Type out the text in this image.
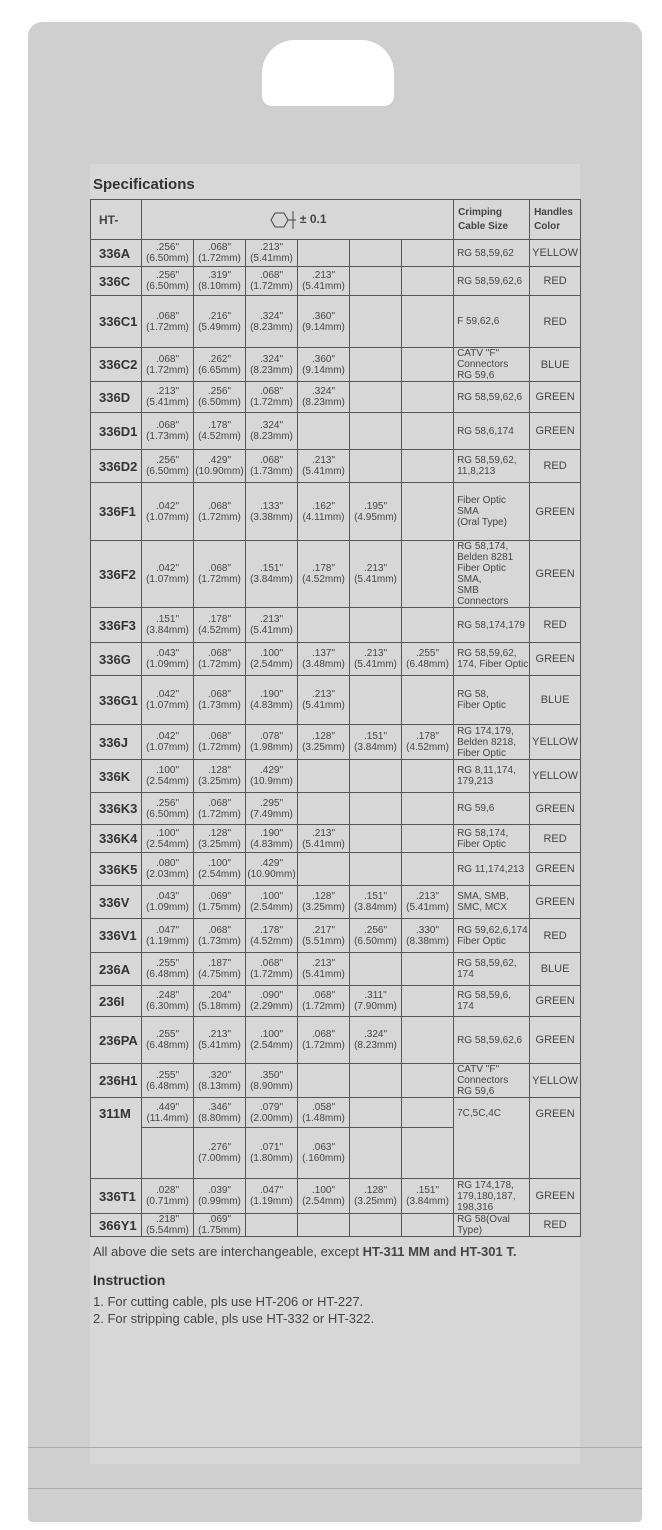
Specifications
HT-	± 0.1						Crimping
Cable Size	Handles
Color
336A	.256"
(6.50mm)	.068"
(1.72mm)	.213"
(5.41mm)				RG 58,59,62	YELLOW
336C	.256"
(6.50mm)	.319"
(8.10mm)	.068"
(1.72mm)	.213"
(5.41mm)			RG 58,59,62,6	RED
336C1	.068"
(1.72mm)	.216"
(5.49mm)	.324"
(8.23mm)	.360"
(9.14mm)			F 59,62,6	RED
336C2	.068"
(1.72mm)	.262"
(6.65mm)	.324"
(8.23mm)	.360"
(9.14mm)			CATV "F"
Connectors
RG 59,6	BLUE
336D	.213"
(5.41mm)	.256"
(6.50mm)	.068"
(1.72mm)	.324"
(8.23mm)			RG 58,59,62,6	GREEN
336D1	.068"
(1.73mm)	.178"
(4.52mm)	.324"
(8.23mm)				RG 58,6,174	GREEN
336D2	.256"
(6.50mm)	.429"
(10.90mm)	.068"
(1.73mm)	.213"
(5.41mm)			RG 58,59,62,
11,8,213	RED
336F1	.042"
(1.07mm)	.068"
(1.72mm)	.133"
(3.38mm)	.162"
(4.11mm)	.195"
(4.95mm)		Fiber Optic SMA
(Oral Type)	GREEN
336F2	.042"
(1.07mm)	.068"
(1.72mm)	.151"
(3.84mm)	.178"
(4.52mm)	.213"
(5.41mm)		RG 58,174,
Belden 8281
Fiber Optic SMA,
SMB Connectors	GREEN
336F3	.151"
(3.84mm)	.178"
(4.52mm)	.213"
(5.41mm)				RG 58,174,179	RED
336G	.043"
(1.09mm)	.068"
(1.72mm)	.100"
(2.54mm)	.137"
(3.48mm)	.213"
(5.41mm)	.255"
(6.48mm)	RG 58,59,62,
174, Fiber Optic	GREEN
336G1	.042"
(1.07mm)	.068"
(1.73mm)	.190"
(4.83mm)	.213"
(5.41mm)			RG 58,
Fiber Optic	BLUE
336J	.042"
(1.07mm)	.068"
(1.72mm)	.078"
(1.98mm)	.128"
(3.25mm)	.151"
(3.84mm)	.178"
(4.52mm)	RG 174,179,
Belden 8218,
Fiber Optic	YELLOW
336K	.100"
(2.54mm)	.128"
(3.25mm)	.429"
(10.9mm)				RG 8,11,174,
179,213	YELLOW
336K3	.256"
(6.50mm)	.068"
(1.72mm)	.295"
(7.49mm)				RG 59,6	GREEN
336K4	.100"
(2.54mm)	.128"
(3.25mm)	.190"
(4.83mm)	.213"
(5.41mm)			RG 58,174,
Fiber Optic	RED
336K5	.080"
(2.03mm)	.100"
(2.54mm)	.429"
(10.90mm)				RG 11,174,213	GREEN
336V	.043"
(1.09mm)	.069"
(1.75mm)	.100"
(2.54mm)	.128"
(3.25mm)	.151"
(3.84mm)	.213"
(5.41mm)	SMA, SMB,
SMC, MCX	GREEN
336V1	.047"
(1.19mm)	.068"
(1.73mm)	.178"
(4.52mm)	.217"
(5.51mm)	.256"
(6.50mm)	.330"
(8.38mm)	RG 59,62,6,174
Fiber Optic	RED
236A	.255"
(6.48mm)	.187"
(4.75mm)	.068"
(1.72mm)	.213"
(5.41mm)			RG 58,59,62,
174	BLUE
236I	.248"
(6.30mm)	.204"
(5.18mm)	.090"
(2.29mm)	.068"
(1.72mm)	.311"
(7.90mm)		RG 58,59,6,
174	GREEN
236PA	.255"
(6.48mm)	.213"
(5.41mm)	.100"
(2.54mm)	.068"
(1.72mm)	.324"
(8.23mm)		RG 58,59,62,6	GREEN
236H1	.255"
(6.48mm)	.320"
(8.13mm)	.350"
(8.90mm)				CATV "F"
Connectors
RG 59,6	YELLOW
311M	.449"
(11.4mm)	.346"
(8.80mm)	.079"
(2.00mm)	.058"
(1.48mm)			7C,5C,4C	GREEN

		.276"
(7.00mm)	.071"
(1.80mm)	.063"
(.160mm)				

336T1	.028"
(0.71mm)	.039"
(0.99mm)	.047"
(1.19mm)	.100"
(2.54mm)	.128"
(3.25mm)	.151"
(3.84mm)	RG 174,178,
179,180,187,
198,316	GREEN
366Y1	.218"
(5.54mm)	.069"
(1.75mm)					RG 58(Oval Type)	RED
All above die sets are interchangeable, except HT-311 MM and HT-301 T.
Instruction
1. For cutting cable, pls use HT-206 or HT-227.
2. For stripping cable, pls use HT-332 or HT-322.
